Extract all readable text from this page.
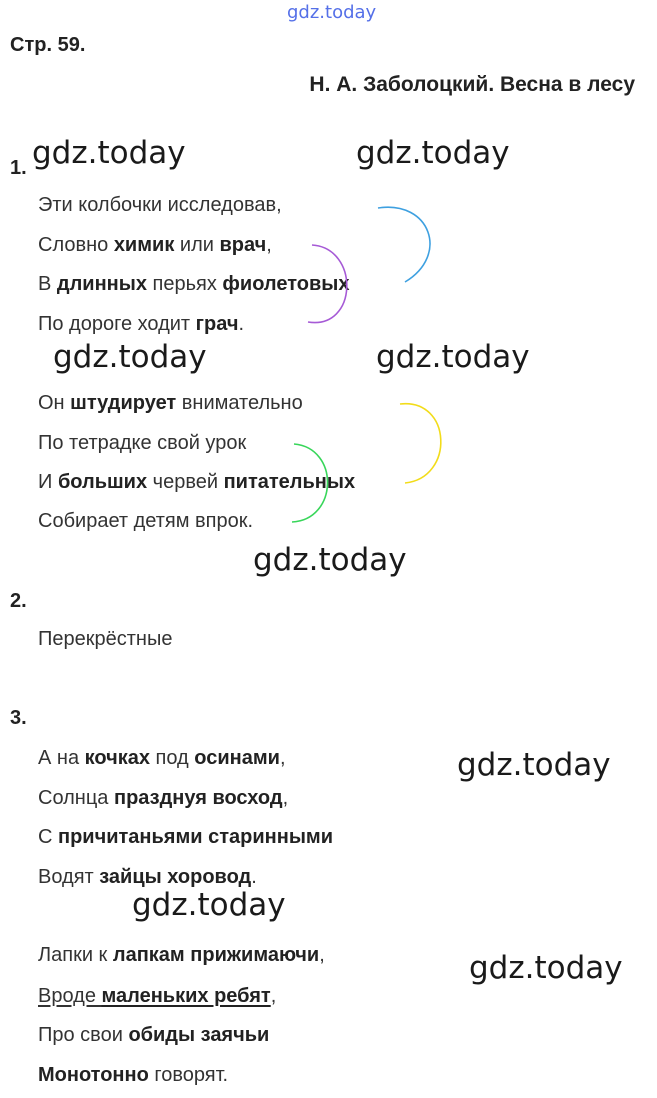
gdz.today
Стр. 59.
Н. А. Заболоцкий. Весна в лесу
1.
Эти колбочки исследовав,
Словно химик или врач,
В длинных перьях фиолетовых
По дороге ходит грач.
Он штудирует внимательно
По тетрадке свой урок
И больших червей питательных
Собирает детям впрок.
2.
Перекрёстные
3.
А на кочках под осинами,
Солнца празднуя восход,
С причитаньями старинными
Водят зайцы хоровод.
Лапки к лапкам прижимаючи,
Вроде маленьких ребят,
Про свои обиды заячьи
Монотонно говорят.
gdz.today	gdz.today
gdz.today	gdz.today
gdz.today
gdz.today
gdz.today
gdz.today
